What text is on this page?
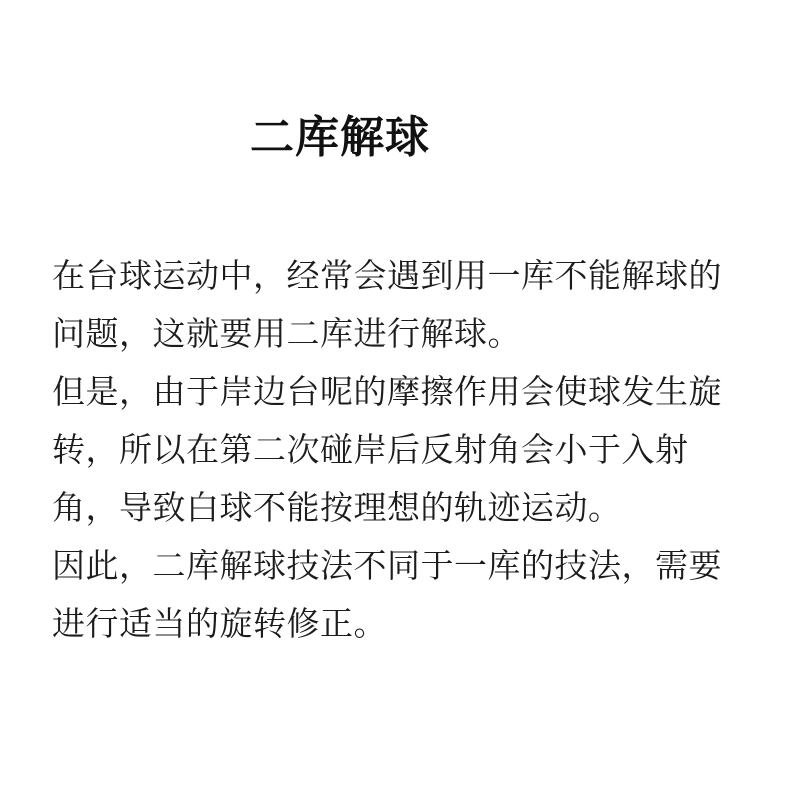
二库解球
在台球运动中，经常会遇到用一库不能解球的
问题，这就要用二库进行解球。
但是，由于岸边台呢的摩擦作用会使球发生旋
转，所以在第二次碰岸后反射角会小于入射
角，导致白球不能按理想的轨迹运动。
因此，二库解球技法不同于一库的技法，需要
进行适当的旋转修正。
